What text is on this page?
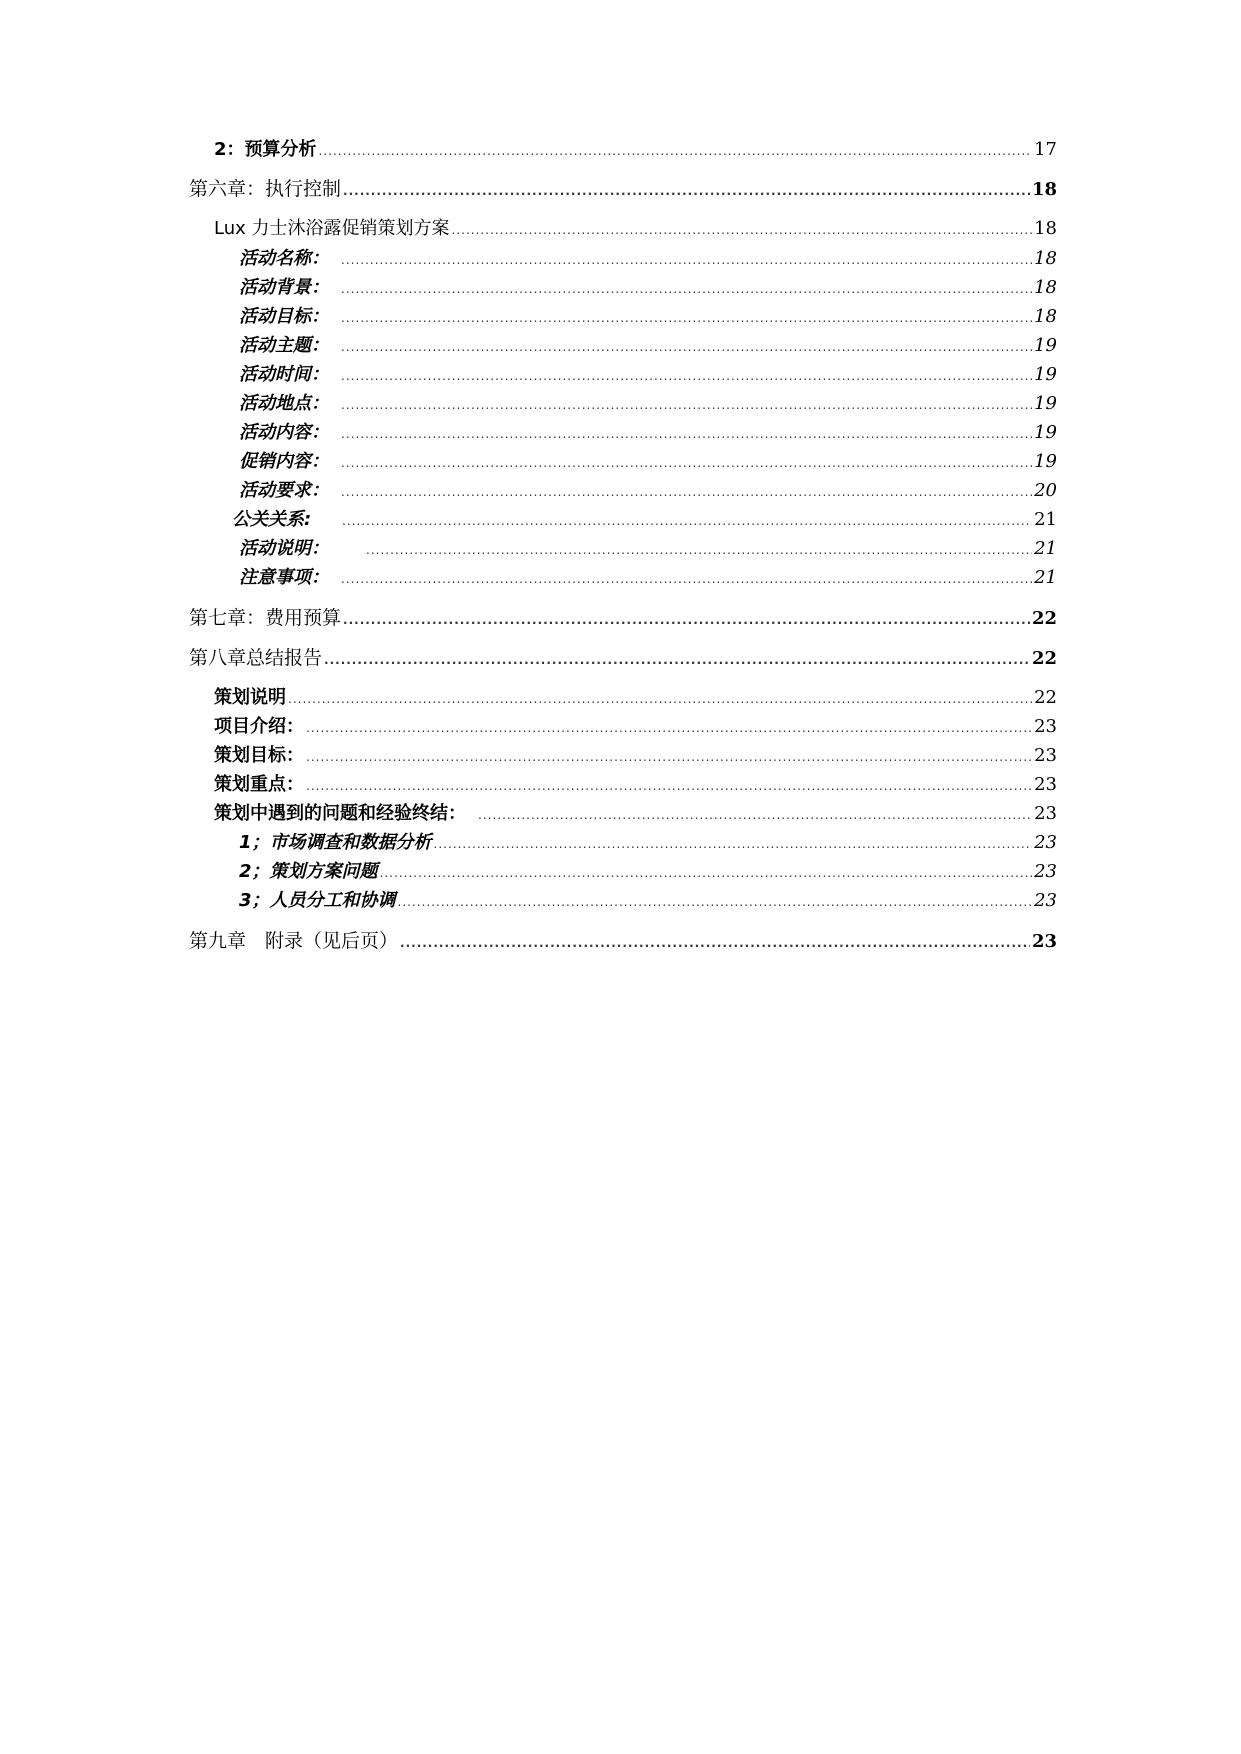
2：预算分析 .....	17
第六章：执行控制 .....	18
Lux 力士沐浴露促销策划方案 .....	18
活动名称： .....	18
活动背景： .....	18
活动目标： .....	18
活动主题： .....	19
活动时间： .....	19
活动地点： .....	19
活动内容： .....	19
促销内容： .....	19
活动要求： .....	20
公关关系: .....	21
活动说明： .....	21
注意事项： .....	21
第七章：费用预算 .....	22
第八章总结报告 .....	22
策划说明 .....	22
项目介绍： .....	23
策划目标： .....	23
策划重点： .....	23
策划中遇到的问题和经验终结： .....	23
1；市场调查和数据分析 .....	23
2；策划方案问题 .....	23
3；人员分工和协调 .....	23
第九章　附录（见后页） .....	23
